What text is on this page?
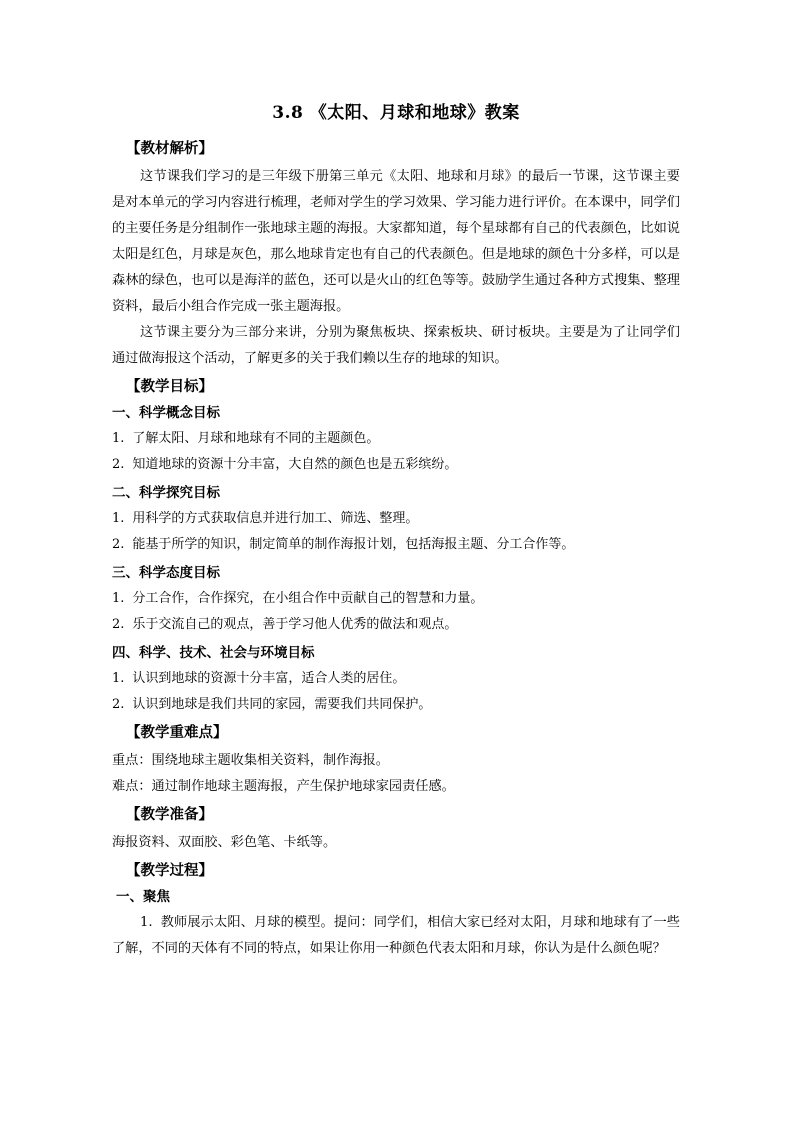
3.8 《太阳、月球和地球》教案
【教材解析】

这节课我们学习的是三年级下册第三单元《太阳、地球和月球》的最后一节课，这节课主要是对本单元的学习内容进行梳理，老师对学生的学习效果、学习能力进行评价。在本课中，同学们的主要任务是分组制作一张地球主题的海报。大家都知道，每个星球都有自己的代表颜色，比如说太阳是红色，月球是灰色，那么地球肯定也有自己的代表颜色。但是地球的颜色十分多样，可以是森林的绿色，也可以是海洋的蓝色，还可以是火山的红色等等。鼓励学生通过各种方式搜集、整理资料，最后小组合作完成一张主题海报。

这节课主要分为三部分来讲，分别为聚焦板块、探索板块、研讨板块。主要是为了让同学们通过做海报这个活动，了解更多的关于我们赖以生存的地球的知识。

【教学目标】
一、科学概念目标
1. 了解太阳、月球和地球有不同的主题颜色。
2. 知道地球的资源十分丰富，大自然的颜色也是五彩缤纷。
二、科学探究目标
1. 用科学的方式获取信息并进行加工、筛选、整理。
2. 能基于所学的知识，制定简单的制作海报计划，包括海报主题、分工合作等。
三、科学态度目标
1. 分工合作，合作探究，在小组合作中贡献自己的智慧和力量。
2. 乐于交流自己的观点，善于学习他人优秀的做法和观点。
四、科学、技术、社会与环境目标
1. 认识到地球的资源十分丰富，适合人类的居住。
2. 认识到地球是我们共同的家园，需要我们共同保护。
【教学重难点】

重点：围绕地球主题收集相关资料，制作海报。

难点：通过制作地球主题海报，产生保护地球家园责任感。

【教学准备】

海报资料、双面胶、彩色笔、卡纸等。

【教学过程】
一、聚焦

1. 教师展示太阳、月球的模型。提问：同学们，相信大家已经对太阳，月球和地球有了一些了解，不同的天体有不同的特点，如果让你用一种颜色代表太阳和月球，你认为是什么颜色呢？
